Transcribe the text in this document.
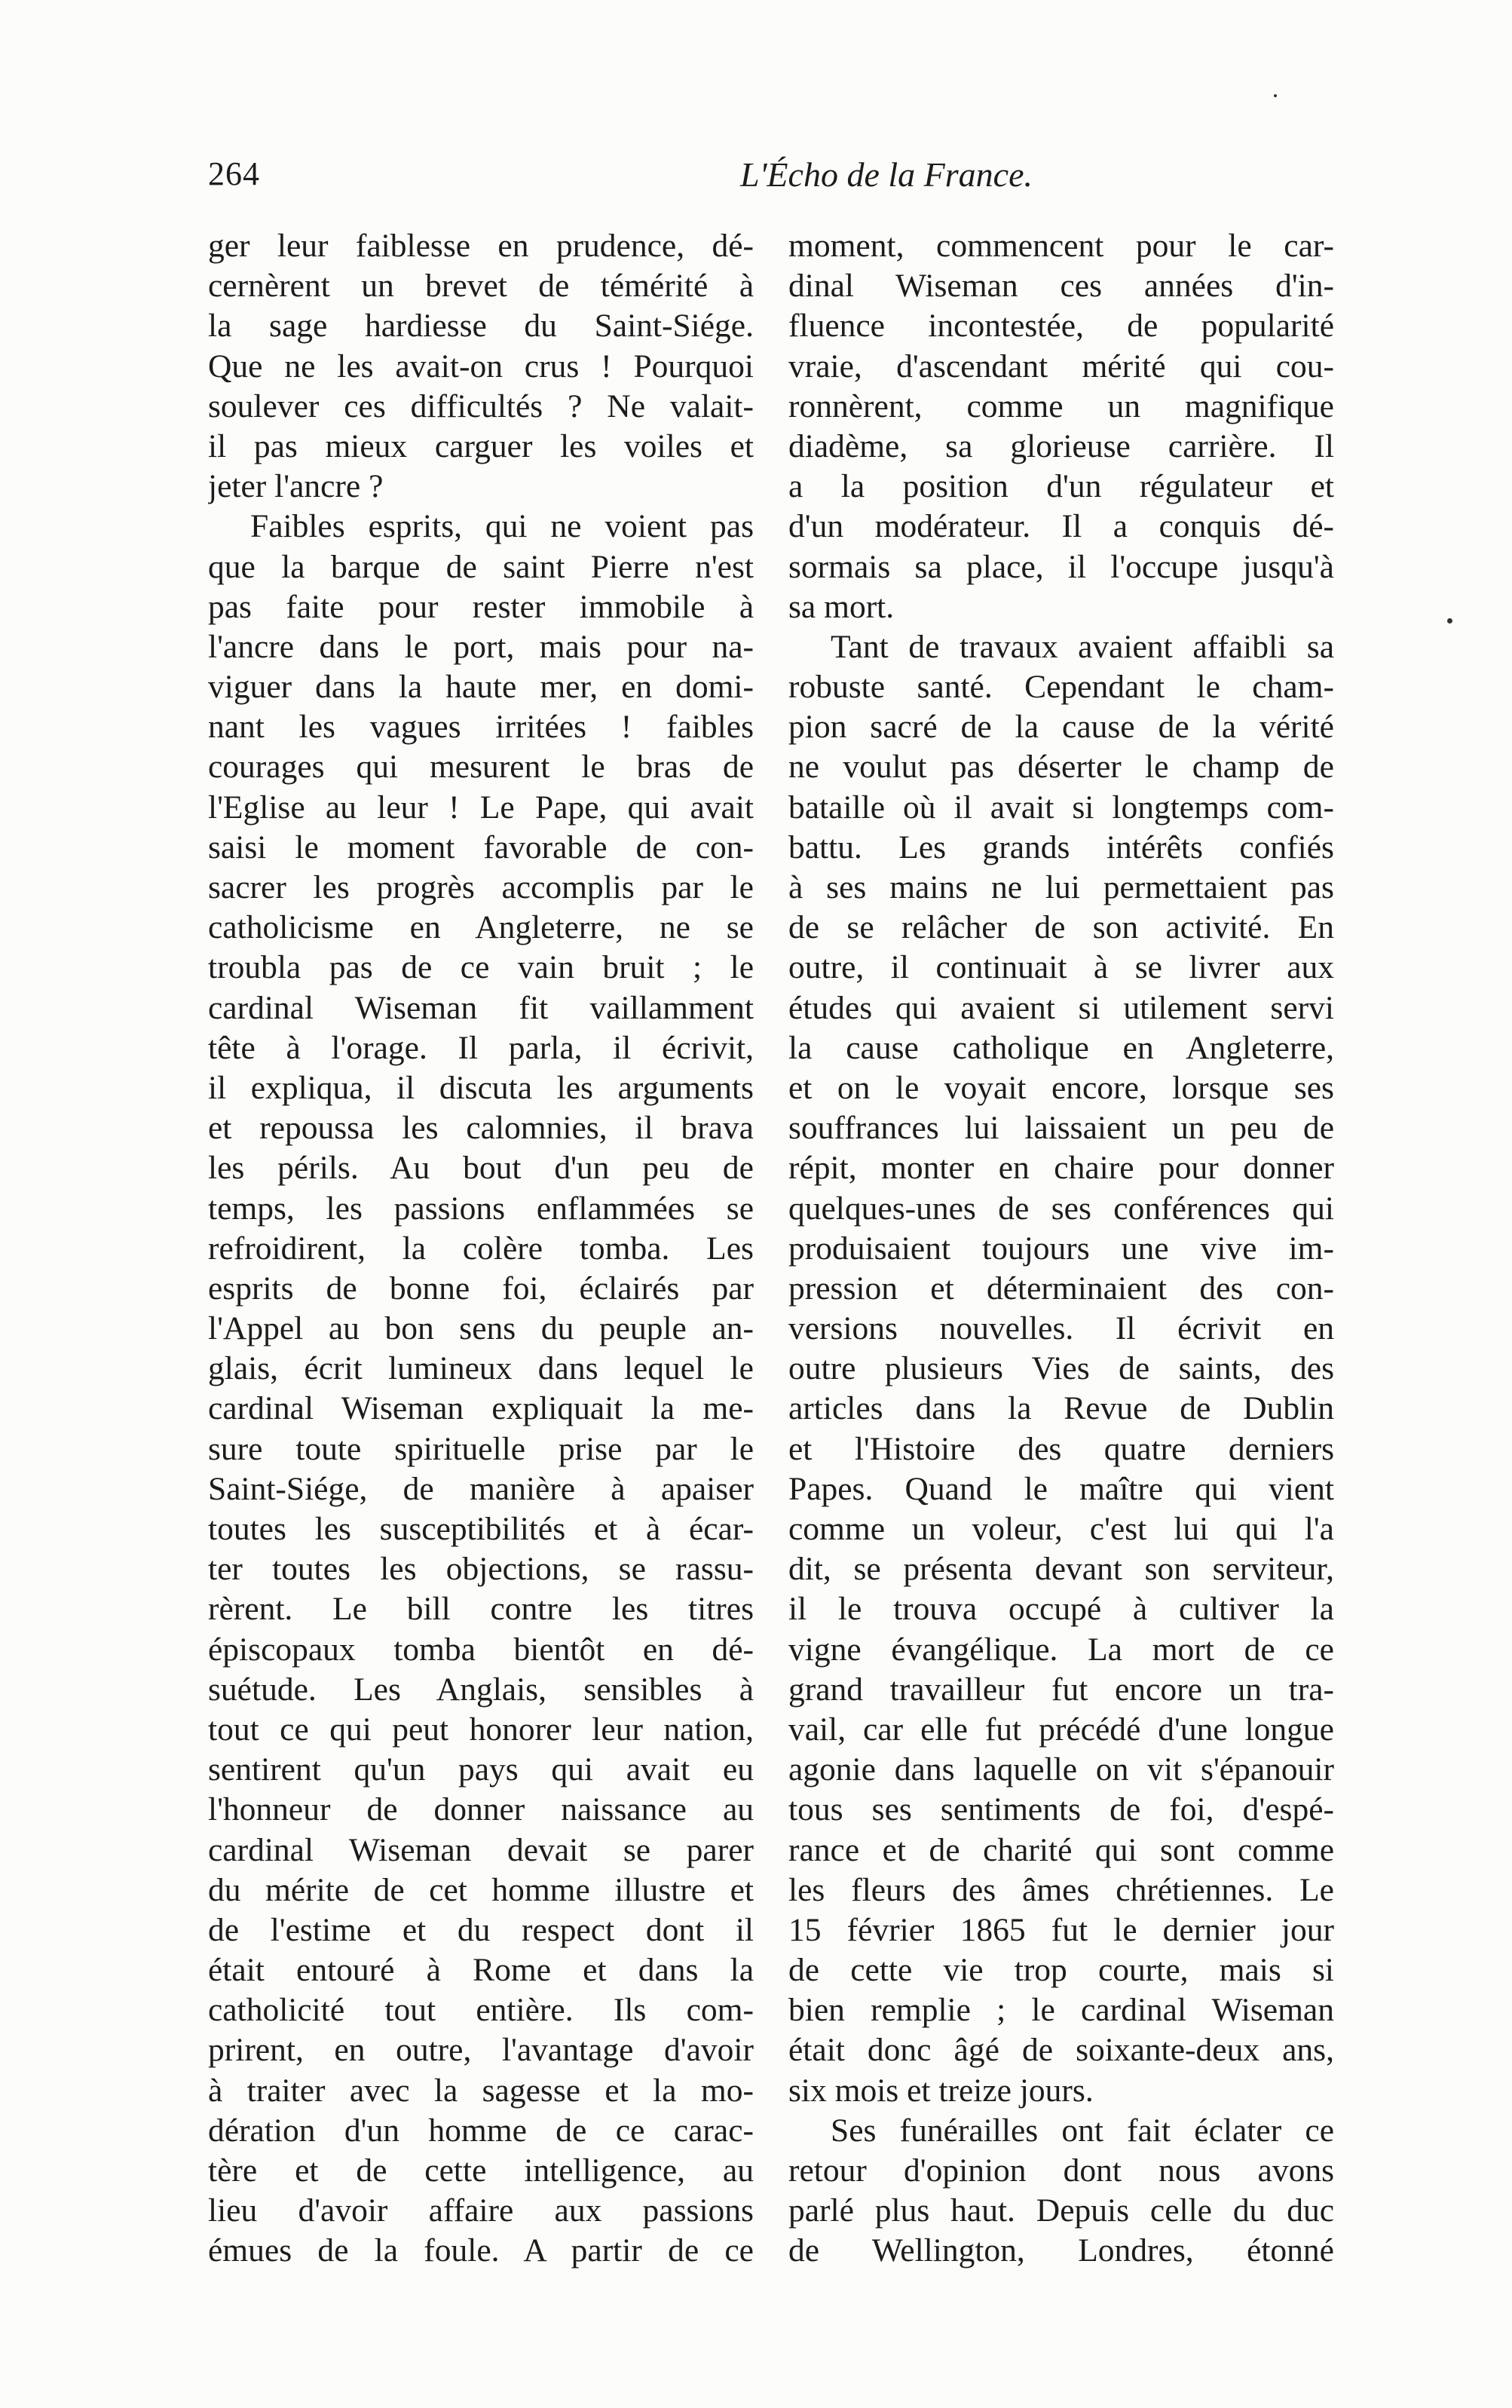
264	L'Écho de la France.
ger leur faiblesse en prudence, dé-
cernèrent un brevet de témérité à
la sage hardiesse du Saint-Siége.
Que ne les avait-on crus ! Pourquoi
soulever ces difficultés ? Ne valait-
il pas mieux carguer les voiles et
jeter l'ancre ?
Faibles esprits, qui ne voient pas
que la barque de saint Pierre n'est
pas faite pour rester immobile à
l'ancre dans le port, mais pour na-
viguer dans la haute mer, en domi-
nant les vagues irritées ! faibles
courages qui mesurent le bras de
l'Eglise au leur ! Le Pape, qui avait
saisi le moment favorable de con-
sacrer les progrès accomplis par le
catholicisme en Angleterre, ne se
troubla pas de ce vain bruit ; le
cardinal Wiseman fit vaillamment
tête à l'orage. Il parla, il écrivit,
il expliqua, il discuta les arguments
et repoussa les calomnies, il brava
les périls. Au bout d'un peu de
temps, les passions enflammées se
refroidirent, la colère tomba. Les
esprits de bonne foi, éclairés par
l'Appel au bon sens du peuple an-
glais, écrit lumineux dans lequel le
cardinal Wiseman expliquait la me-
sure toute spirituelle prise par le
Saint-Siége, de manière à apaiser
toutes les susceptibilités et à écar-
ter toutes les objections, se rassu-
rèrent. Le bill contre les titres
épiscopaux tomba bientôt en dé-
suétude. Les Anglais, sensibles à
tout ce qui peut honorer leur nation,
sentirent qu'un pays qui avait eu
l'honneur de donner naissance au
cardinal Wiseman devait se parer
du mérite de cet homme illustre et
de l'estime et du respect dont il
était entouré à Rome et dans la
catholicité tout entière. Ils com-
prirent, en outre, l'avantage d'avoir
à traiter avec la sagesse et la mo-
dération d'un homme de ce carac-
tère et de cette intelligence, au
lieu d'avoir affaire aux passions
émues de la foule. A partir de ce
moment, commencent pour le car-
dinal Wiseman ces années d'in-
fluence incontestée, de popularité
vraie, d'ascendant mérité qui cou-
ronnèrent, comme un magnifique
diadème, sa glorieuse carrière. Il
a la position d'un régulateur et
d'un modérateur. Il a conquis dé-
sormais sa place, il l'occupe jusqu'à
sa mort.
Tant de travaux avaient affaibli sa
robuste santé. Cependant le cham-
pion sacré de la cause de la vérité
ne voulut pas déserter le champ de
bataille où il avait si longtemps com-
battu. Les grands intérêts confiés
à ses mains ne lui permettaient pas
de se relâcher de son activité. En
outre, il continuait à se livrer aux
études qui avaient si utilement servi
la cause catholique en Angleterre,
et on le voyait encore, lorsque ses
souffrances lui laissaient un peu de
répit, monter en chaire pour donner
quelques-unes de ses conférences qui
produisaient toujours une vive im-
pression et déterminaient des con-
versions nouvelles. Il écrivit en
outre plusieurs Vies de saints, des
articles dans la Revue de Dublin
et l'Histoire des quatre derniers
Papes. Quand le maître qui vient
comme un voleur, c'est lui qui l'a
dit, se présenta devant son serviteur,
il le trouva occupé à cultiver la
vigne évangélique. La mort de ce
grand travailleur fut encore un tra-
vail, car elle fut précédé d'une longue
agonie dans laquelle on vit s'épanouir
tous ses sentiments de foi, d'espé-
rance et de charité qui sont comme
les fleurs des âmes chrétiennes. Le
15 février 1865 fut le dernier jour
de cette vie trop courte, mais si
bien remplie ; le cardinal Wiseman
était donc âgé de soixante-deux ans,
six mois et treize jours.
Ses funérailles ont fait éclater ce
retour d'opinion dont nous avons
parlé plus haut. Depuis celle du duc
de Wellington, Londres, étonné
